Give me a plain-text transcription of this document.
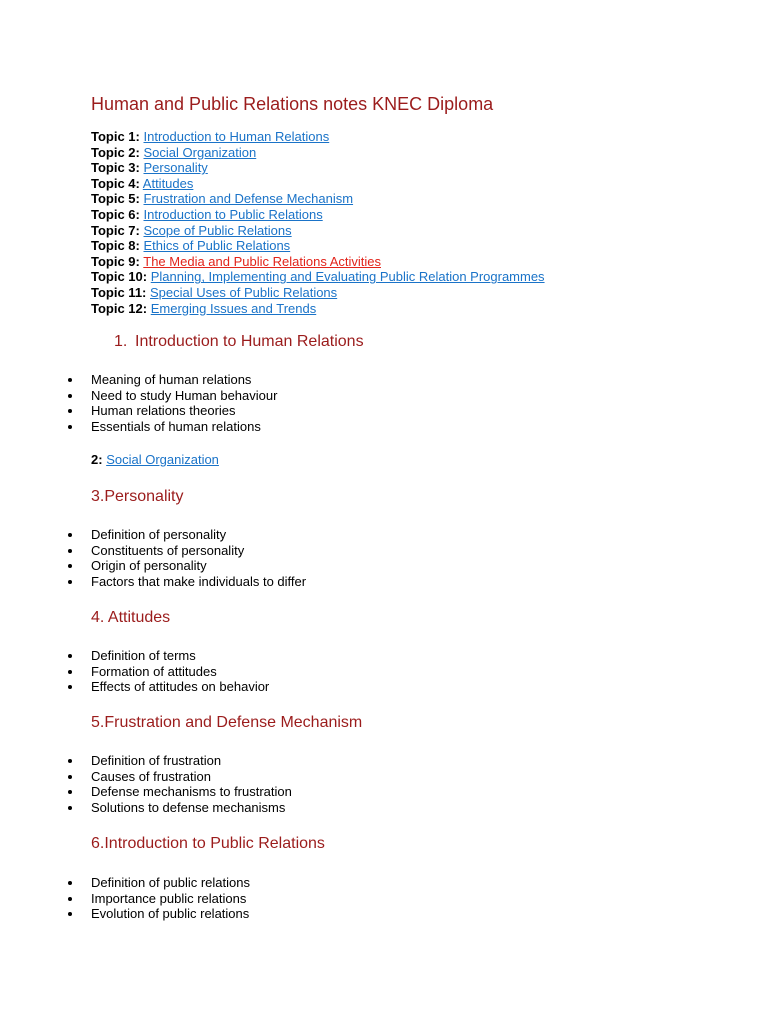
Human and Public Relations notes KNEC Diploma
Topic 1: Introduction to Human Relations
Topic 2: Social Organization
Topic 3: Personality
Topic 4: Attitudes
Topic 5: Frustration and Defense Mechanism
Topic 6: Introduction to Public Relations
Topic 7: Scope of Public Relations
Topic 8: Ethics of Public Relations
Topic 9: The Media and Public Relations Activities
Topic 10: Planning, Implementing and Evaluating Public Relation Programmes
Topic 11: Special Uses of Public Relations
Topic 12: Emerging Issues and Trends
1. Introduction to Human Relations
Meaning of human relations
Need to study Human behaviour
Human relations theories
Essentials of human relations
2: Social Organization
3.Personality
Definition of personality
Constituents of personality
Origin of personality
Factors that make individuals to differ
4. Attitudes
Definition of terms
Formation of attitudes
Effects of attitudes on behavior
5.Frustration and Defense Mechanism
Definition of frustration
Causes of frustration
Defense mechanisms to frustration
Solutions to defense mechanisms
6.Introduction to Public Relations
Definition of public relations
Importance public relations
Evolution of public relations
